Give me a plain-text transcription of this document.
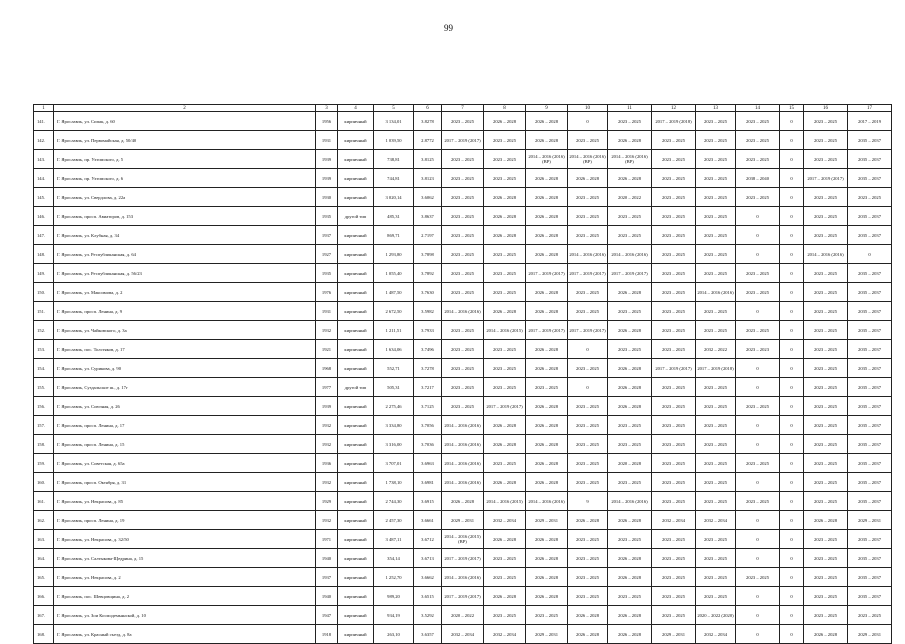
99
1	2	3	4	5	6	7	8	9	10	11	12	13	14	15	16	17
141.	Г. Ярославль, ул. Сипак, д. 60	1956	кирпичный	3 134,01	3.8278	2023 – 2025	2026 – 2028	2026 – 2028	0	2023 – 2025	2017 – 2019 (2018)	2023 – 2025	2023 – 2025	0	2023 – 2025	2017 – 2019
142.	Г. Ярославль, ул. Первомайская, д. 50/40	1931	кирпичный	1 039,50	2.8772	2017 – 2019 (2017)	2023 – 2025	2026 – 2028	2023 – 2025	2026 – 2028	2023 – 2025	2023 – 2025	2023 – 2025	0	2023 – 2025	2035 – 2037
143.	Г. Ярославль, пр. Ухтомского, д. 5	1939	кирпичный	738,81	3.8125	2023 – 2025	2023 – 2025	2014 – 2016 (2016) (ВР)	2014 – 2016 (2016) (ВР)	2014 – 2016 (2016) (ВР)	2023 – 2025	2023 – 2025	2023 – 2025	0	2023 – 2025	2035 – 2037
144.	Г. Ярославль, пр. Ухтомского, д. 6	1939	кирпичный	744,81	3.8123	2023 – 2025	2023 – 2025	2026 – 2028	2026 – 2028	2026 – 2028	2023 – 2025	2023 – 2025	2038 – 2040	0	2017 – 2019 (2017)	2035 – 2037
145.	Г. Ярославль, ул. Свердлова, д. 22а	1930	кирпичный	3 020,14	3.6062	2023 – 2025	2026 – 2028	2026 – 2028	2023 – 2025	2020 – 2022	2023 – 2025	2023 – 2025	2023 – 2025	0	2023 – 2025	2023 – 2025
146.	Г. Ярославль, просп. Авиаторов, д. 153	1935	другой тип	485,31	3.8637	2023 – 2025	2026 – 2028	2026 – 2028	2023 – 2025	2023 – 2025	2023 – 2025	2023 – 2025	0	0	2023 – 2025	2035 – 2037
147.	Г. Ярославль, ул. Клубная, д. 34	1937	кирпичный	869,71	2.7197	2023 – 2025	2026 – 2028	2026 – 2028	2023 – 2025	2023 – 2025	2023 – 2025	2023 – 2025	0	0	2023 – 2025	2035 – 2037
148.	Г. Ярославль, ул. Республиканская, д. 64	1927	кирпичный	1 293,80	3.7898	2023 – 2025	2023 – 2025	2026 – 2028	2014 – 2016 (2016)	2014 – 2016 (2016)	2023 – 2025	2023 – 2025	0	0	2014 – 2016 (2016)	0
149.	Г. Ярославль, ул. Республиканская, д. 56/23	1935	кирпичный	1 055,40	3.7892	2023 – 2025	2023 – 2025	2017 – 2019 (2017)	2017 – 2019 (2017)	2017 – 2019 (2017)	2023 – 2025	2023 – 2025	2023 – 2025	0	2023 – 2025	2035 – 2037
150.	Г. Ярославль, ул. Максимова, д. 2	1976	кирпичный	1 487,50	3.7630	2023 – 2025	2023 – 2025	2026 – 2028	2023 – 2025	2026 – 2028	2023 – 2025	2014 – 2016 (2016)	2023 – 2025	0	2023 – 2025	2035 – 2037
151.	Г. Ярославль, просп. Ленина, д. 9	1931	кирпичный	2 672,50	3.5982	2014 – 2016 (2016)	2026 – 2028	2026 – 2028	2023 – 2025	2023 – 2025	2023 – 2025	2023 – 2025	0	0	2023 – 2025	2035 – 2037
152.	Г. Ярославль, ул. Чайковского, д. 3а	1932	кирпичный	1 211,51	3.7933	2023 – 2025	2014 – 2016 (2015)	2017 – 2019 (2017)	2017 – 2019 (2017)	2026 – 2028	2023 – 2025	2023 – 2025	2023 – 2025	0	2023 – 2025	2035 – 2037
153.	Г. Ярославль, пос. Толстяков, д. 17	1921	кирпичный	1 634,06	3.7496	2023 – 2025	2023 – 2025	2026 – 2028	0	2023 – 2025	2023 – 2025	2032 – 2022	2023 – 2023	0	2023 – 2025	2035 – 2037
154.	Г. Ярославль, ул. Сурикова, д. 90	1968	кирпичный	552,71	3.7278	2023 – 2025	2023 – 2025	2026 – 2028	2023 – 2025	2026 – 2028	2017 – 2019 (2017)	2017 – 2019 (2018)	0	0	2023 – 2025	2035 – 2037
155.	Г. Ярославль, Суздальское ш., д. 17г	1977	другой тип	505,31	3.7217	2023 – 2025	2023 – 2025	2023 – 2025	0	2026 – 2028	2023 – 2025	2023 – 2025	0	0	2023 – 2025	2035 – 2037
156.	Г. Ярославль, ул. Союзная, д. 26	1939	кирпичный	2 275,46	3.7125	2023 – 2025	2017 – 2019 (2017)	2026 – 2028	2023 – 2025	2026 – 2028	2023 – 2025	2023 – 2025	2023 – 2025	0	2023 – 2025	2035 – 2037
157.	Г. Ярославль, просп. Ленина, д. 17	1932	кирпичный	3 334,80	3.7056	2014 – 2016 (2016)	2026 – 2028	2026 – 2028	2023 – 2025	2023 – 2025	2023 – 2025	2023 – 2025	0	0	2023 – 2025	2035 – 2037
158.	Г. Ярославль, просп. Ленина, д. 15	1932	кирпичный	3 316,00	3.7036	2014 – 2016 (2016)	2026 – 2028	2026 – 2028	2023 – 2025	2023 – 2025	2023 – 2025	2023 – 2025	0	0	2023 – 2025	2035 – 2037
159.	Г. Ярославль, ул. Советская, д. 65а	1936	кирпичный	3 707,01	3.6963	2014 – 2016 (2016)	2023 – 2025	2026 – 2028	2023 – 2025	2020 – 2028	2023 – 2025	2023 – 2025	2023 – 2025	0	2023 – 2025	2035 – 2037
160.	Г. Ярославль, просп. Октября, д. 31	1932	кирпичный	1 738,10	3.6981	2014 – 2016 (2016)	2026 – 2028	2026 – 2028	2023 – 2025	2023 – 2025	2023 – 2025	2023 – 2025	0	0	2023 – 2025	2035 – 2037
161.	Г. Ярославль, ул. Некрасова, д. 85	1929	кирпичный	2 744,30	3.6915	2026 – 2028	2014 – 2016 (2015)	2014 – 2016 (2016)	9	2014 – 2016 (2016)	2023 – 2025	2023 – 2025	2023 – 2025	0	2023 – 2025	2035 – 2037
162.	Г. Ярославль, просп. Ленина, д. 19	1932	кирпичный	2 457,30	3.6661	2029 – 2031	2032 – 2034	2029 – 2031	2026 – 2028	2026 – 2028	2032 – 2034	2032 – 2034	0	0	2026 – 2028	2029 – 2031
163.	Г. Ярославль, ул. Некрасова, д. 32/50	1971	кирпичный	3 487,11	3.6712	2014 – 2016 (2015) (ВР)	2026 – 2028	2026 – 2028	2023 – 2025	2023 – 2025	2023 – 2025	2023 – 2025	0	0	2023 – 2025	2035 – 2037
164.	Г. Ярославль, ул. Салтыкова-Щедрина, д. 15	1940	кирпичный	354,14	3.6713	2017 – 2019 (2017)	2023 – 2025	2026 – 2028	2023 – 2025	2026 – 2028	2023 – 2025	2023 – 2025	0	0	2023 – 2025	2035 – 2037
165.	Г. Ярославль, ул. Некрасова, д. 2	1937	кирпичный	1 252,70	3.6662	2014 – 2016 (2016)	2023 – 2025	2026 – 2028	2023 – 2025	2026 – 2028	2023 – 2025	2023 – 2025	2023 – 2025	0	2023 – 2025	2035 – 2037
166.	Г. Ярославль, пос. Шевцовщина, д. 2	1940	кирпичный	989,20	3.6515	2017 – 2019 (2017)	2026 – 2028	2026 – 2028	2023 – 2025	2023 – 2025	2023 – 2025	2023 – 2025	0	0	2023 – 2025	2035 – 2037
167.	Г. Ярославль, ул. Зои Космодемьянской, д. 10	1947	кирпичный	934,19	3.5292	2020 – 2022	2023 – 2025	2023 – 2025	2026 – 2028	2026 – 2028	2023 – 2025	2020 – 2022 (2020)	0	0	2023 – 2025	2023 – 2025
168.	Г. Ярославль, ул. Красный съезд, д. 8а	1918	кирпичный	263,10	3.6357	2032 – 2034	2032 – 2034	2029 – 2031	2026 – 2028	2026 – 2028	2029 – 2031	2032 – 2034	0	0	2026 – 2028	2029 – 2031
